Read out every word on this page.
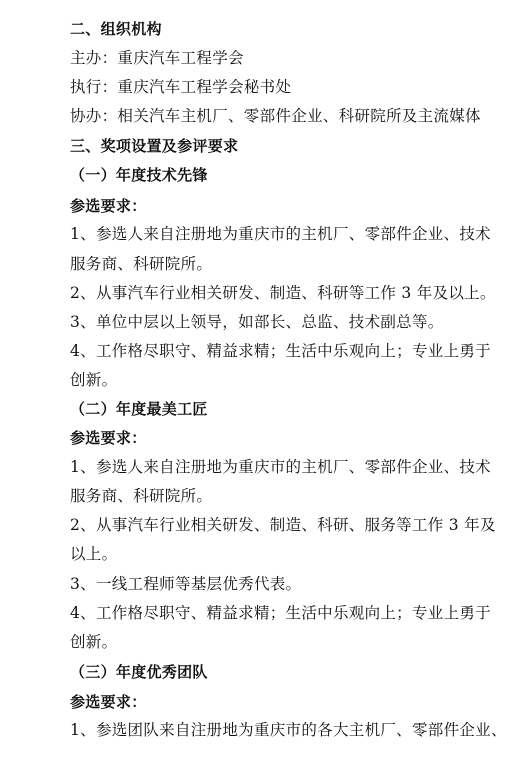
二、组织机构
主办：重庆汽车工程学会
执行：重庆汽车工程学会秘书处
协办：相关汽车主机厂、零部件企业、科研院所及主流媒体
三、奖项设置及参评要求
（一）年度技术先锋
参选要求：
1、参选人来自注册地为重庆市的主机厂、零部件企业、技术
服务商、科研院所。
2、从事汽车行业相关研发、制造、科研等工作 3 年及以上。
3、单位中层以上领导，如部长、总监、技术副总等。
4、工作格尽职守、精益求精；生活中乐观向上；专业上勇于
创新。
（二）年度最美工匠
参选要求：
1、参选人来自注册地为重庆市的主机厂、零部件企业、技术
服务商、科研院所。
2、从事汽车行业相关研发、制造、科研、服务等工作 3 年及
以上。
3、一线工程师等基层优秀代表。
4、工作格尽职守、精益求精；生活中乐观向上；专业上勇于
创新。
（三）年度优秀团队
参选要求：
1、参选团队来自注册地为重庆市的各大主机厂、零部件企业、
